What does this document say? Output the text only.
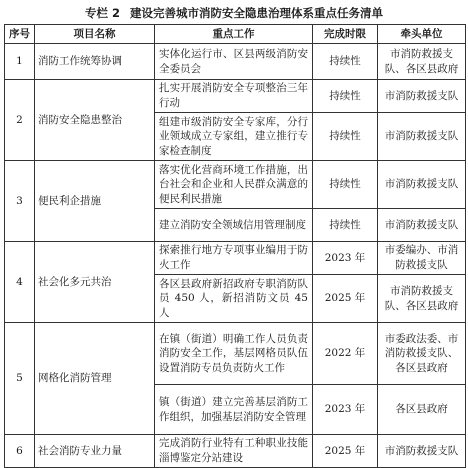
专栏 2 建设完善城市消防安全隐患治理体系重点任务清单
序号	项目名称	重点工作	完成时限	牵头单位
1	消防工作统筹协调	实体化运行市、区县两级消防安全委员会	持续性	市消防救援支队、各区县政府
2	消防安全隐患整治	扎实开展消防安全专项整治三年行动	持续性	市消防救援支队
		组建市级消防安全专家库，分行业领域成立专家组，建立推行专家检查制度	持续性	市消防救援支队
3	便民利企措施	落实优化营商环境工作措施，出台社会和企业和人民群众满意的便民利民措施	持续性	市消防救援支队
		建立消防安全领域信用管理制度	持续性	市消防救援支队
4	社会化多元共治	探索推行地方专项事业编用于防火工作	2023 年	市委编办、市消防救援支队
		各区县政府新招政府专职消防队员 450 人，新招消防文员 45 人	2025 年	市消防救援支队、各区县政府
5	网格化消防管理	在镇（街道）明确工作人员负责消防安全工作，基层网格员队伍设置消防专员负责防火工作	2022 年	市委政法委、市消防救援支队、各区县政府
		镇（街道）建立完善基层消防工作组织，加强基层消防安全管理	2023 年	各区县政府
6	社会消防专业力量	完成消防行业特有工种职业技能淄博鉴定分站建设	2025 年	市消防救援支队
